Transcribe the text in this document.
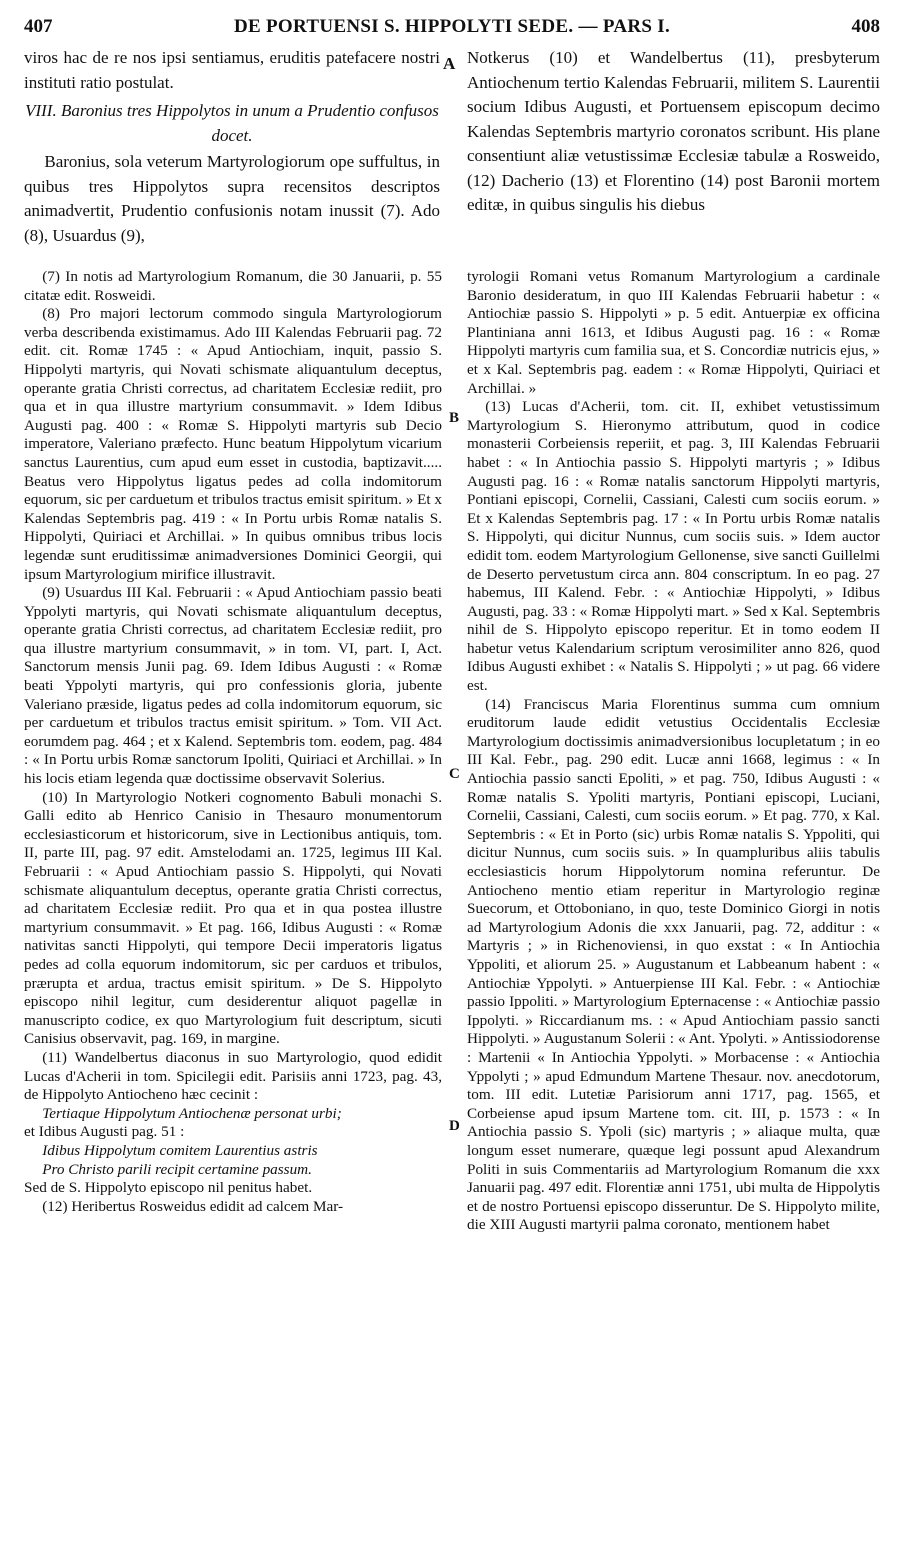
407	DE PORTUENSI S. HIPPOLYTI SEDE. — PARS I.	408
A
B
C
D

viros hac de re nos ipsi sentiamus, eruditis patefacere nostri instituti ratio postulat.

VIII. Baronius tres Hippolytos in unum a Prudentio confusos docet.

Baronius, sola veterum Martyrologiorum ope suffultus, in quibus tres Hippolytos supra recensitos descriptos animadvertit, Prudentio confusionis notam inussit (7). Ado (8), Usuardus (9),

Notkerus (10) et Wandelbertus (11), presbyterum Antiochenum tertio Kalendas Februarii, militem S. Laurentii socium Idibus Augusti, et Portuensem episcopum decimo Kalendas Septembris martyrio coronatos scribunt. His plane consentiunt aliæ vetustissimæ Ecclesiæ tabulæ a Rosweido, (12) Dacherio (13) et Florentino (14) post Baronii mortem editæ, in quibus singulis his diebus

(7) In notis ad Martyrologium Romanum, die 30 Januarii, p. 55 citatæ edit. Rosweidi.

(8) Pro majori lectorum commodo singula Martyrologiorum verba describenda existimamus. Ado III Kalendas Februarii pag. 72 edit. cit. Romæ 1745 : « Apud Antiochiam, inquit, passio S. Hippolyti martyris, qui Novati schismate aliquantulum deceptus, operante gratia Christi correctus, ad charitatem Ecclesiæ rediit, pro qua et in qua illustre martyrium consummavit. » Idem Idibus Augusti pag. 400 : « Romæ S. Hippolyti martyris sub Decio imperatore, Valeriano præfecto. Hunc beatum Hippolytum vicarium sanctus Laurentius, cum apud eum esset in custodia, baptizavit..... Beatus vero Hippolytus ligatus pedes ad colla indomitorum equorum, sic per carduetum et tribulos tractus emisit spiritum. » Et x Kalendas Septembris pag. 419 : « In Portu urbis Romæ natalis S. Hippolyti, Quiriaci et Archillai. » In quibus omnibus tribus locis legendæ sunt eruditissimæ animadversiones Dominici Georgii, qui ipsum Martyrologium mirifice illustravit.

(9) Usuardus III Kal. Februarii : « Apud Antiochiam passio beati Yppolyti martyris, qui Novati schismate aliquantulum deceptus, operante gratia Christi correctus, ad charitatem Ecclesiæ rediit, pro qua illustre martyrium consummavit, » in tom. VI, part. I, Act. Sanctorum mensis Junii pag. 69. Idem Idibus Augusti : « Romæ beati Yppolyti martyris, qui pro confessionis gloria, jubente Valeriano præside, ligatus pedes ad colla indomitorum equorum, sic per carduetum et tribulos tractus emisit spiritum. » Tom. VII Act. eorumdem pag. 464 ; et x Kalend. Septembris tom. eodem, pag. 484 : « In Portu urbis Romæ sanctorum Ipoliti, Quiriaci et Archillai. » In his locis etiam legenda quæ doctissime observavit Solerius.

(10) In Martyrologio Notkeri cognomento Babuli monachi S. Galli edito ab Henrico Canisio in Thesauro monumentorum ecclesiasticorum et historicorum, sive in Lectionibus antiquis, tom. II, parte III, pag. 97 edit. Amstelodami an. 1725, legimus III Kal. Februarii : « Apud Antiochiam passio S. Hippolyti, qui Novati schismate aliquantulum deceptus, operante gratia Christi correctus, ad charitatem Ecclesiæ rediit. Pro qua et in qua postea illustre martyrium consummavit. » Et pag. 166, Idibus Augusti : « Romæ nativitas sancti Hippolyti, qui tempore Decii imperatoris ligatus pedes ad colla equorum indomitorum, sic per carduos et tribulos, prærupta et ardua, tractus emisit spiritum. » De S. Hippolyto episcopo nihil legitur, cum desiderentur aliquot pagellæ in manuscripto codice, ex quo Martyrologium fuit descriptum, sicuti Canisius observavit, pag. 169, in margine.

(11) Wandelbertus diaconus in suo Martyrologio, quod edidit Lucas d'Acherii in tom. Spicilegii edit. Parisiis anni 1723, pag. 43, de Hippolyto Antiocheno hæc cecinit :

Tertiaque Hippolytum Antiochenæ personat urbi;

et Idibus Augusti pag. 51 :

Idibus Hippolytum comitem Laurentius astris

Pro Christo parili recipit certamine passum.

Sed de S. Hippolyto episcopo nil penitus habet.

(12) Heribertus Rosweidus edidit ad calcem Mar-

tyrologii Romani vetus Romanum Martyrologium a cardinale Baronio desideratum, in quo III Kalendas Februarii habetur : « Antiochiæ passio S. Hippolyti » p. 5 edit. Antuerpiæ ex officina Plantiniana anni 1613, et Idibus Augusti pag. 16 : « Romæ Hippolyti martyris cum familia sua, et S. Concordiæ nutricis ejus, » et x Kal. Septembris pag. eadem : « Romæ Hippolyti, Quiriaci et Archillai. »

(13) Lucas d'Acherii, tom. cit. II, exhibet vetustissimum Martyrologium S. Hieronymo attributum, quod in codice monasterii Corbeiensis reperiit, et pag. 3, III Kalendas Februarii habet : « In Antiochia passio S. Hippolyti martyris ; » Idibus Augusti pag. 16 : « Romæ natalis sanctorum Hippolyti martyris, Pontiani episcopi, Cornelii, Cassiani, Calesti cum sociis eorum. » Et x Kalendas Septembris pag. 17 : « In Portu urbis Romæ natalis S. Hippolyti, qui dicitur Nunnus, cum sociis suis. » Idem auctor edidit tom. eodem Martyrologium Gellonense, sive sancti Guillelmi de Deserto pervetustum circa ann. 804 conscriptum. In eo pag. 27 habemus, III Kalend. Febr. : « Antiochiæ Hippolyti, » Idibus Augusti, pag. 33 : « Romæ Hippolyti mart. » Sed x Kal. Septembris nihil de S. Hippolyto episcopo reperitur. Et in tomo eodem II habetur vetus Kalendarium scriptum verosimiliter anno 826, quod Idibus Augusti exhibet : « Natalis S. Hippolyti ; » ut pag. 66 videre est.

(14) Franciscus Maria Florentinus summa cum omnium eruditorum laude edidit vetustius Occidentalis Ecclesiæ Martyrologium doctissimis animadversionibus locupletatum ; in eo III Kal. Febr., pag. 290 edit. Lucæ anni 1668, legimus : « In Antiochia passio sancti Epoliti, » et pag. 750, Idibus Augusti : « Romæ natalis S. Ypoliti martyris, Pontiani episcopi, Luciani, Cornelii, Cassiani, Calesti, cum sociis eorum. » Et pag. 770, x Kal. Septembris : « Et in Porto (sic) urbis Romæ natalis S. Yppoliti, qui dicitur Nunnus, cum sociis suis. » In quampluribus aliis tabulis ecclesiasticis horum Hippolytorum nomina referuntur. De Antiocheno mentio etiam reperitur in Martyrologio reginæ Suecorum, et Ottoboniano, in quo, teste Dominico Giorgi in notis ad Martyrologium Adonis die xxx Januarii, pag. 72, additur : « Martyris ; » in Richenoviensi, in quo exstat : « In Antiochia Yppoliti, et aliorum 25. » Augustanum et Labbeanum habent : « Antiochiæ Yppolyti. » Antuerpiense III Kal. Febr. : « Antiochiæ passio Ippoliti. » Martyrologium Epternacense : « Antiochiæ passio Ippolyti. » Riccardianum ms. : « Apud Antiochiam passio sancti Hippolyti. » Augustanum Solerii : « Ant. Ypolyti. » Antissiodorense : Martenii « In Antiochia Yppolyti. » Morbacense : « Antiochia Yppolyti ; » apud Edmundum Martene Thesaur. nov. anecdotorum, tom. III edit. Lutetiæ Parisiorum anni 1717, pag. 1565, et Corbeiense apud ipsum Martene tom. cit. III, p. 1573 : « In Antiochia passio S. Ypoli (sic) martyris ; » aliaque multa, quæ longum esset numerare, quæque legi possunt apud Alexandrum Politi in suis Commentariis ad Martyrologium Romanum die xxx Januarii pag. 497 edit. Florentiæ anni 1751, ubi multa de Hippolytis et de nostro Portuensi episcopo disseruntur. De S. Hippolyto milite, die XIII Augusti martyrii palma coronato, mentionem habet
